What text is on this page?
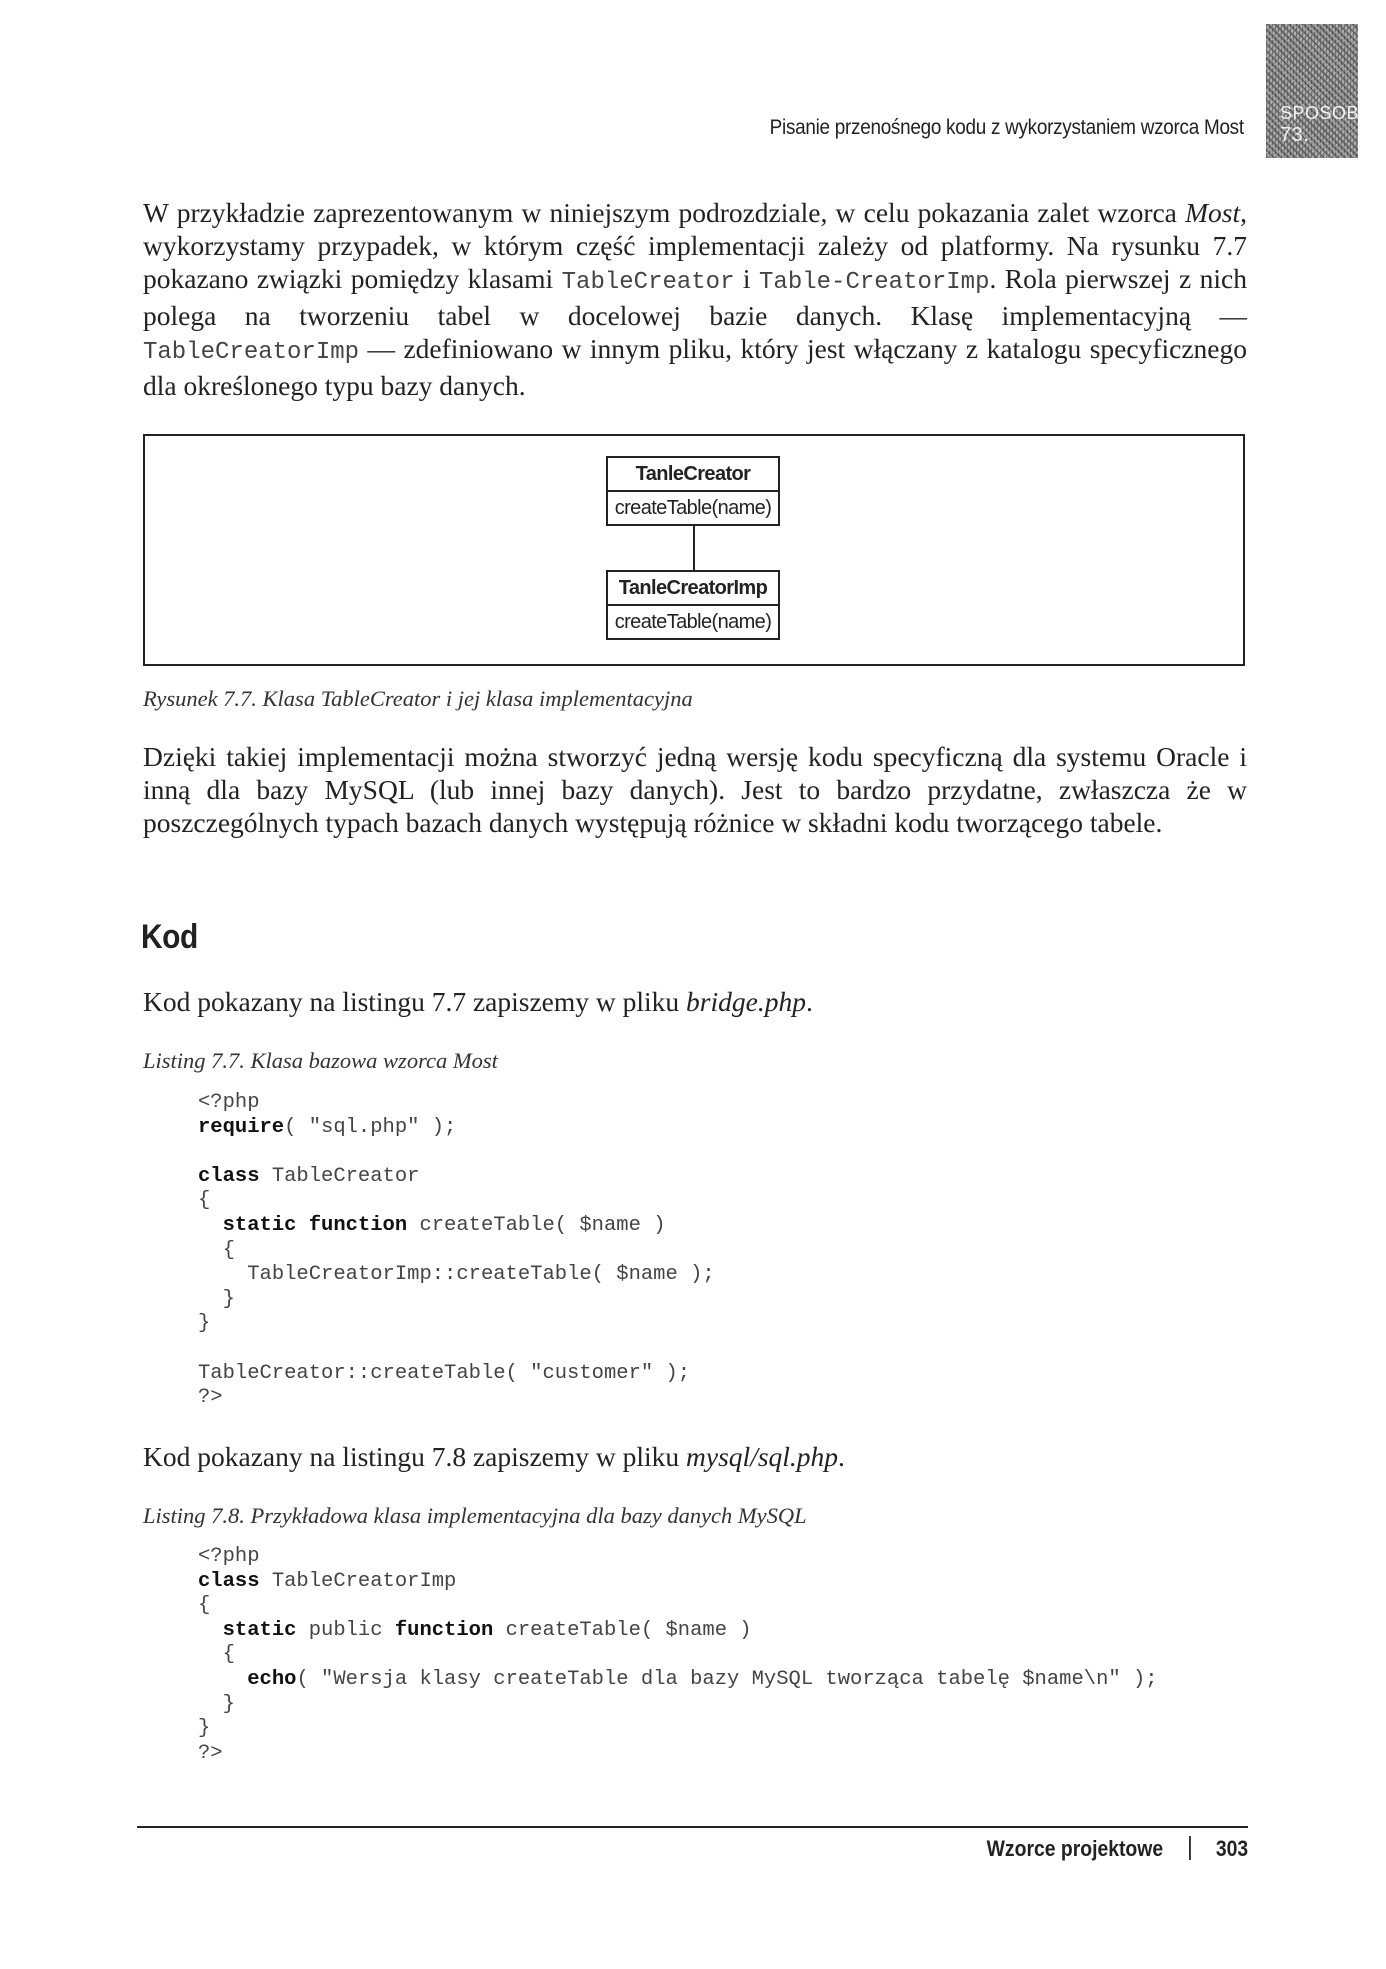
Pisanie przenośnego kodu z wykorzystaniem wzorca Most
SPOSOB
73.

W przykładzie zaprezentowanym w niniejszym podrozdziale, w celu pokazania zalet wzorca Most, wykorzystamy przypadek, w którym część implementacji zależy od platformy. Na rysunku 7.7 pokazano związki pomiędzy klasami TableCreator i Table-CreatorImp. Rola pierwszej z nich polega na tworzeniu tabel w docelowej bazie danych. Klasę implementacyjną — TableCreatorImp — zdefiniowano w innym pliku, który jest włączany z katalogu specyficznego dla określonego typu bazy danych.

TanleCreator
createTable(name)
TanleCreatorImp
createTable(name)

Rysunek 7.7. Klasa TableCreator i jej klasa implementacyjna

Dzięki takiej implementacji można stworzyć jedną wersję kodu specyficzną dla systemu Oracle i inną dla bazy MySQL (lub innej bazy danych). Jest to bardzo przydatne, zwłaszcza że w poszczególnych typach bazach danych występują różnice w składni kodu tworzącego tabele.

Kod

Kod pokazany na listingu 7.7 zapiszemy w pliku bridge.php.

Listing 7.7. Klasa bazowa wzorca Most

<?php
require( "sql.php" );

class TableCreator
{
static function createTable( $name )
{
TableCreatorImp::createTable( $name );
}
}

TableCreator::createTable( "customer" );
?>

Kod pokazany na listingu 7.8 zapiszemy w pliku mysql/sql.php.

Listing 7.8. Przykładowa klasa implementacyjna dla bazy danych MySQL

<?php
class TableCreatorImp
{
static public function createTable( $name )
{
echo( "Wersja klasy createTable dla bazy MySQL tworząca tabelę $name\n" );
}
}
?>
Wzorce projektowe 303
